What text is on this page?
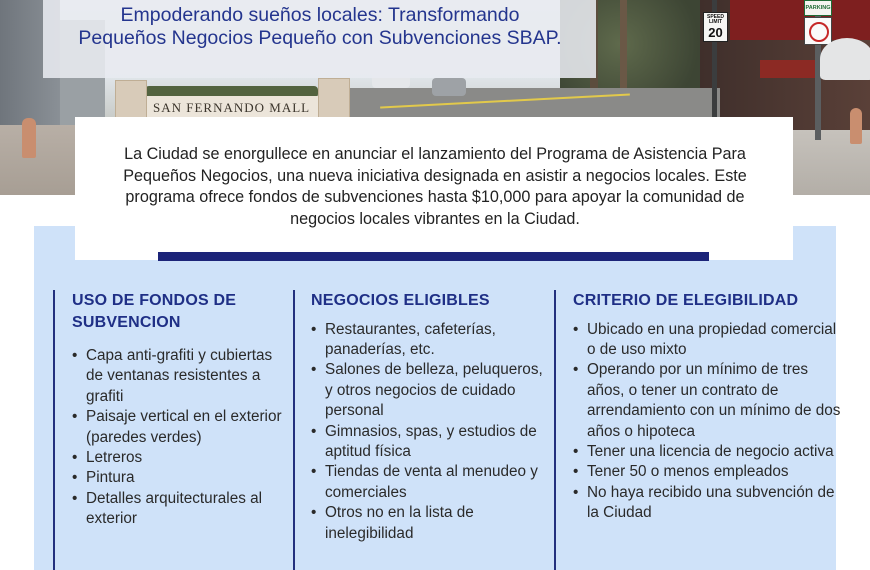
SAN FERNANDO MALL
SPEED
LIMIT
20
PARKING
Empoderando sueños locales: Transformando
Pequeños Negocios Pequeño con Subvenciones SBAP.

La Ciudad se enorgullece en anunciar el lanzamiento del Programa de Asistencia Para Pequeños Negocios, una nueva iniciativa designada en asistir a negocios locales. Este programa ofrece fondos de subvenciones hasta $10,000 para apoyar la comunidad de negocios locales vibrantes en la Ciudad.

USO DE FONDOS DE SUBVENCION
• Capa anti-grafiti y cubiertas de ventanas resistentes a grafiti
• Paisaje vertical en el exterior (paredes verdes)
• Letreros
• Pintura
• Detalles arquitecturales al exterior
NEGOCIOS ELIGIBLES
• Restaurantes, cafeterías, panaderías, etc.
• Salones de belleza, peluqueros, y otros negocios de cuidado personal
• Gimnasios, spas, y estudios de aptitud física
• Tiendas de venta al menudeo y comerciales
• Otros no en la lista de inelegibilidad
CRITERIO DE ELEGIBILIDAD
• Ubicado en una propiedad comercial o de uso mixto
• Operando por un mínimo de tres años, o tener un contrato de arrendamiento con un mínimo de dos años o hipoteca
• Tener una licencia de negocio activa
• Tener 50 o menos empleados
• No haya recibido una subvención de la Ciudad
